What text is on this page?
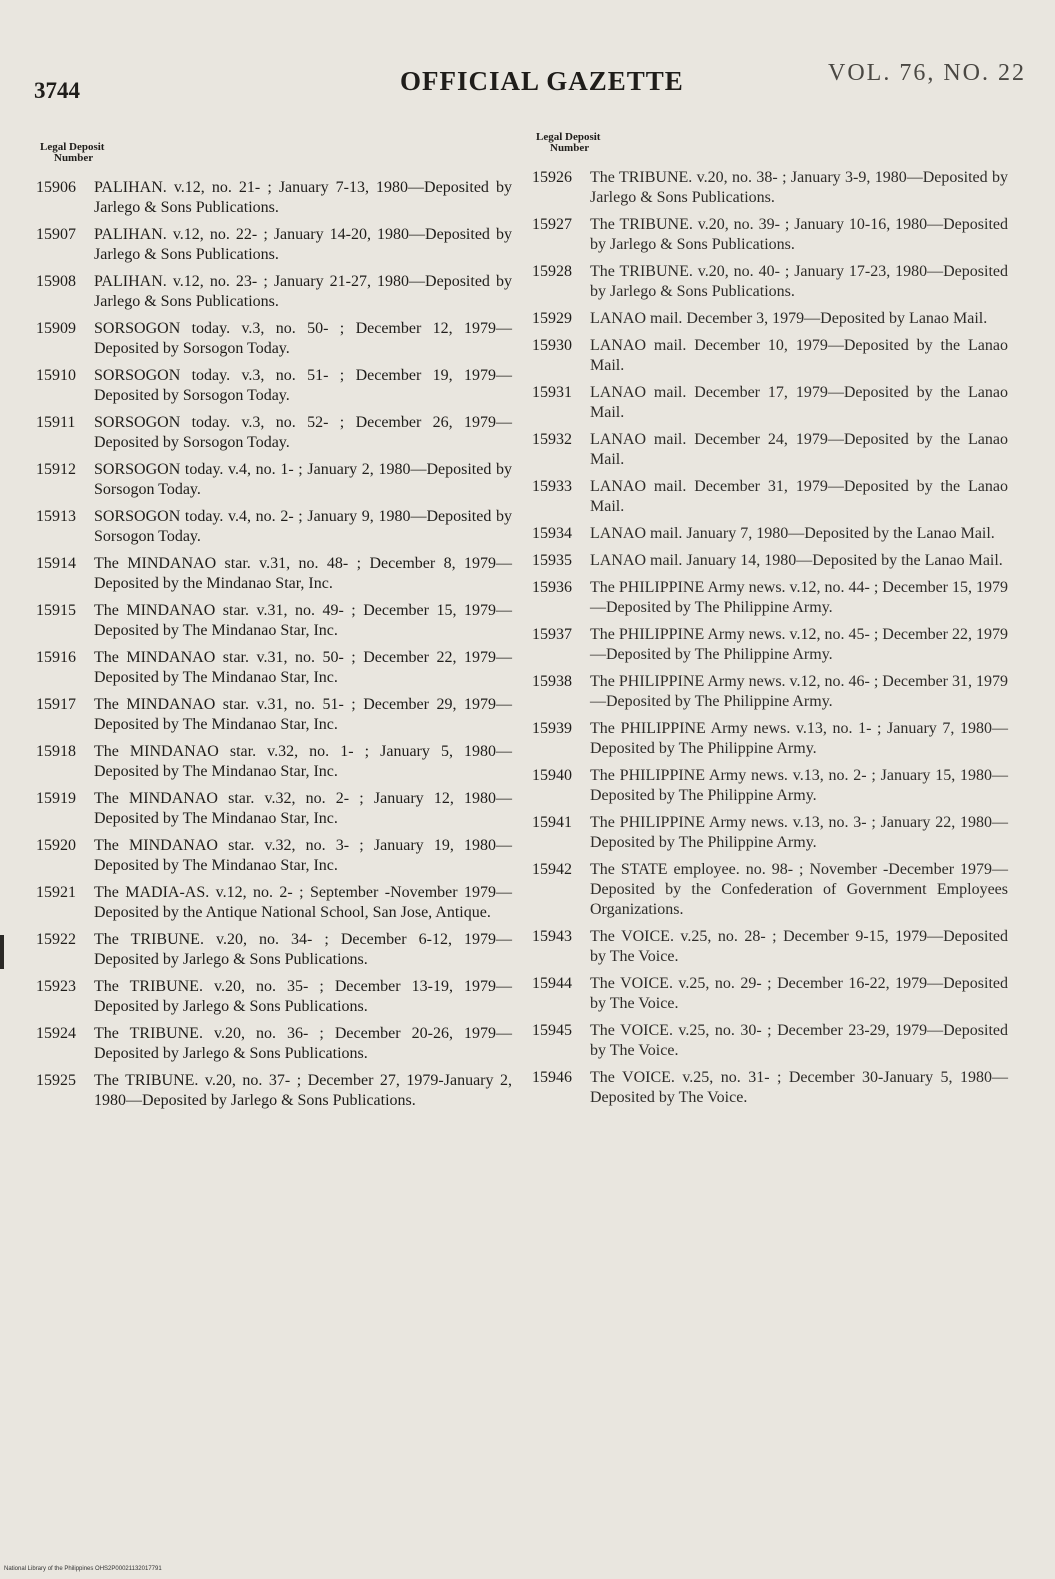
3744	OFFICIAL GAZETTE	VOL. 76, NO. 22
Legal Deposit
Number
15906	PALIHAN. v.12, no. 21- ; January 7-13, 1980—Deposited by Jarlego & Sons Publications.
15907	PALIHAN. v.12, no. 22- ; January 14-20, 1980—Deposited by Jarlego & Sons Publications.
15908	PALIHAN. v.12, no. 23- ; January 21-27, 1980—Deposited by Jarlego & Sons Publications.
15909	SORSOGON today. v.3, no. 50- ; December 12, 1979—Deposited by Sorsogon Today.
15910	SORSOGON today. v.3, no. 51- ; December 19, 1979—Deposited by Sorsogon Today.
15911	SORSOGON today. v.3, no. 52- ; December 26, 1979—Deposited by Sorsogon Today.
15912	SORSOGON today. v.4, no. 1- ; January 2, 1980—Deposited by Sorsogon Today.
15913	SORSOGON today. v.4, no. 2- ; January 9, 1980—Deposited by Sorsogon Today.
15914	The MINDANAO star. v.31, no. 48- ; December 8, 1979—Deposited by the Mindanao Star, Inc.
15915	The MINDANAO star. v.31, no. 49- ; December 15, 1979—Deposited by The Mindanao Star, Inc.
15916	The MINDANAO star. v.31, no. 50- ; December 22, 1979—Deposited by The Mindanao Star, Inc.
15917	The MINDANAO star. v.31, no. 51- ; December 29, 1979—Deposited by The Mindanao Star, Inc.
15918	The MINDANAO star. v.32, no. 1- ; January 5, 1980—Deposited by The Mindanao Star, Inc.
15919	The MINDANAO star. v.32, no. 2- ; January 12, 1980—Deposited by The Mindanao Star, Inc.
15920	The MINDANAO star. v.32, no. 3- ; January 19, 1980—Deposited by The Mindanao Star, Inc.
15921	The MADIA-AS. v.12, no. 2- ; September -November 1979—Deposited by the Antique National School, San Jose, Antique.
15922	The TRIBUNE. v.20, no. 34- ; December 6-12, 1979—Deposited by Jarlego & Sons Publications.
15923	The TRIBUNE. v.20, no. 35- ; December 13-19, 1979—Deposited by Jarlego & Sons Publications.
15924	The TRIBUNE. v.20, no. 36- ; December 20-26, 1979—Deposited by Jarlego & Sons Publications.
15925	The TRIBUNE. v.20, no. 37- ; December 27, 1979-January 2, 1980—Deposited by Jarlego & Sons Publications.
Legal Deposit
Number
15926	The TRIBUNE. v.20, no. 38- ; January 3-9, 1980—Deposited by Jarlego & Sons Publications.
15927	The TRIBUNE. v.20, no. 39- ; January 10-16, 1980—Deposited by Jarlego & Sons Publications.
15928	The TRIBUNE. v.20, no. 40- ; January 17-23, 1980—Deposited by Jarlego & Sons Publications.
15929	LANAO mail. December 3, 1979—Deposited by Lanao Mail.
15930	LANAO mail. December 10, 1979—Deposited by the Lanao Mail.
15931	LANAO mail. December 17, 1979—Deposited by the Lanao Mail.
15932	LANAO mail. December 24, 1979—Deposited by the Lanao Mail.
15933	LANAO mail. December 31, 1979—Deposited by the Lanao Mail.
15934	LANAO mail. January 7, 1980—Deposited by the Lanao Mail.
15935	LANAO mail. January 14, 1980—Deposited by the Lanao Mail.
15936	The PHILIPPINE Army news. v.12, no. 44- ; December 15, 1979—Deposited by The Philippine Army.
15937	The PHILIPPINE Army news. v.12, no. 45- ; December 22, 1979—Deposited by The Philippine Army.
15938	The PHILIPPINE Army news. v.12, no. 46- ; December 31, 1979—Deposited by The Philippine Army.
15939	The PHILIPPINE Army news. v.13, no. 1- ; January 7, 1980—Deposited by The Philippine Army.
15940	The PHILIPPINE Army news. v.13, no. 2- ; January 15, 1980—Deposited by The Philippine Army.
15941	The PHILIPPINE Army news. v.13, no. 3- ; January 22, 1980—Deposited by The Philippine Army.
15942	The STATE employee. no. 98- ; November -December 1979—Deposited by the Confederation of Government Employees Organizations.
15943	The VOICE. v.25, no. 28- ; December 9-15, 1979—Deposited by The Voice.
15944	The VOICE. v.25, no. 29- ; December 16-22, 1979—Deposited by The Voice.
15945	The VOICE. v.25, no. 30- ; December 23-29, 1979—Deposited by The Voice.
15946	The VOICE. v.25, no. 31- ; December 30-January 5, 1980—Deposited by The Voice.
National Library of the Philippines OHS2P00021132017791
